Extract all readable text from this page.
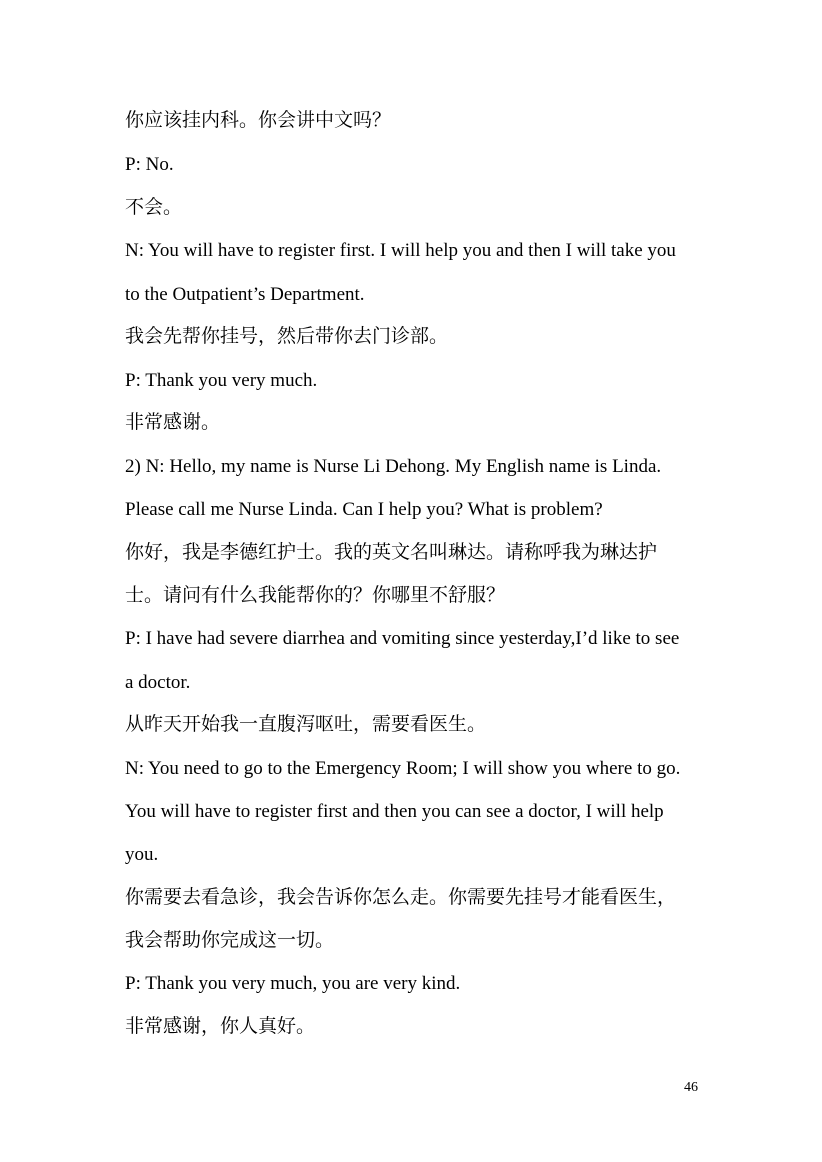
你应该挂内科。你会讲中文吗？
P: No.
不会。
N: You will have to register first. I will help you and then I will take you
to the Outpatient’s Department.
我会先帮你挂号，然后带你去门诊部。
P: Thank you very much.
非常感谢。
2) N: Hello, my name is Nurse Li Dehong. My English name is Linda.
Please call me Nurse Linda. Can I help you? What is problem?
你好，我是李德红护士。我的英文名叫琳达。请称呼我为琳达护
士。请问有什么我能帮你的？你哪里不舒服？
P: I have had severe diarrhea and vomiting since yesterday,I’d like to see
a doctor.
从昨天开始我一直腹泻呕吐，需要看医生。
N: You need to go to the Emergency Room; I will show you where to go.
You will have to register first and then you can see a doctor, I will help
you.
你需要去看急诊，我会告诉你怎么走。你需要先挂号才能看医生，
我会帮助你完成这一切。
P: Thank you very much, you are very kind.
非常感谢，你人真好。
46
